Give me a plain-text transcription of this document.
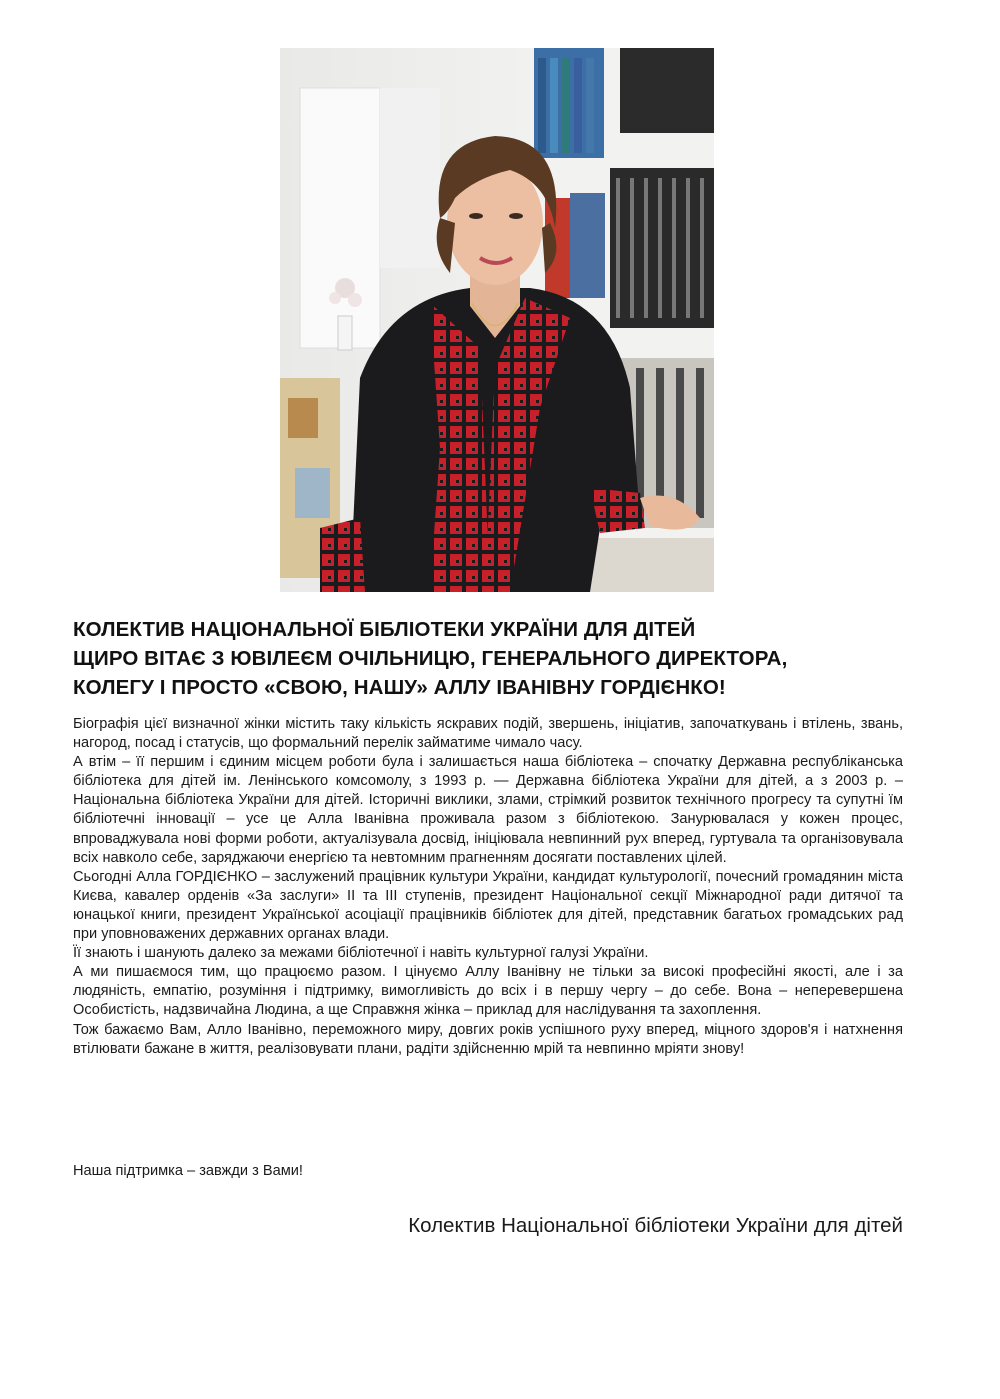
КОЛЕКТИВ НАЦІОНАЛЬНОЇ БІБЛІОТЕКИ УКРАЇНИ ДЛЯ ДІТЕЙ
ЩИРО ВІТАЄ З ЮВІЛЕЄМ ОЧІЛЬНИЦЮ, ГЕНЕРАЛЬНОГО ДИРЕКТОРА,
КОЛЕГУ І ПРОСТО «СВОЮ, НАШУ» АЛЛУ ІВАНІВНУ ГОРДІЄНКО!

Біографія цієї визначної жінки містить таку кількість яскравих подій, звершень, ініціатив, започаткувань і втілень, звань, нагород, посад і статусів, що формальний перелік займатиме чимало часу.

А втім – її першим і єдиним місцем роботи була і залишається наша бібліотека – спочатку Державна республіканська бібліотека для дітей ім. Ленінського комсомолу, з 1993 р. — Державна бібліотека України для дітей, а з 2003 р. – Національна бібліотека України для дітей. Історичні виклики, злами, стрімкий розвиток технічного прогресу та супутні їм бібліотечні інновації – усе це Алла Іванівна проживала разом з бібліотекою. Занурювалася у кожен процес, впроваджувала нові форми роботи, актуалізувала досвід, ініціювала невпинний рух вперед, гуртувала та організовувала всіх навколо себе, заряджаючи енергією та невтомним прагненням досягати поставлених цілей.

Сьогодні Алла ГОРДІЄНКО – заслужений працівник культури України, кандидат культурології, почесний громадянин міста Києва, кавалер орденів «За заслуги» ІІ та ІІІ ступенів, президент Національної секції Міжнародної ради дитячої та юнацької книги, президент Української асоціації працівників бібліотек для дітей, представник багатьох громадських рад при уповноважених державних органах влади.

Її знають і шанують далеко за межами бібліотечної і навіть культурної галузі України.

А ми пишаємося тим, що працюємо разом. І цінуємо Аллу Іванівну не тільки за високі професійні якості, але і за людяність, емпатію, розуміння і підтримку, вимогливість до всіх і в першу чергу – до себе. Вона – неперевершена Особистість, надзвичайна Людина, а ще Справжня жінка – приклад для наслідування та захоплення.

Тож бажаємо Вам, Алло Іванівно, переможного миру, довгих років успішного руху вперед, міцного здоров'я і натхнення втілювати бажане в життя, реалізовувати плани, радіти здійсненню мрій та невпинно мріяти знову!

Наша підтримка – завжди з Вами!
Колектив Національної бібліотеки України для дітей
